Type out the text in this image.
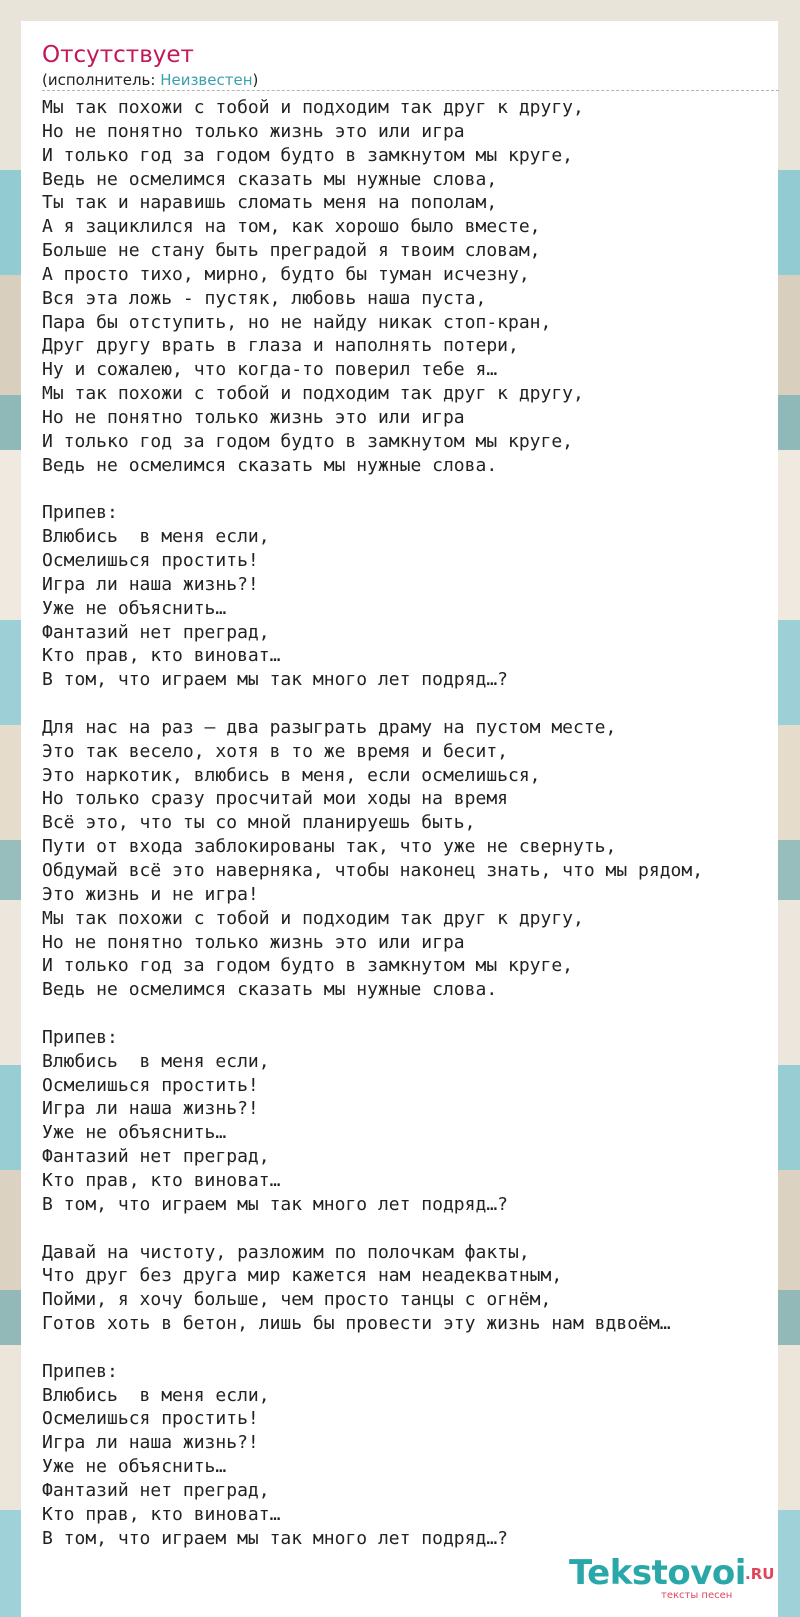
Отсутствует
(исполнитель: Неизвестен)
Мы так похожи с тобой и подходим так друг к другу,
Но не понятно только жизнь это или игра
И только год за годом будто в замкнутом мы круге,
Ведь не осмелимся сказать мы нужные слова,
Ты так и наравишь сломать меня на пополам,
А я зациклился на том, как хорошо было вместе,
Больше не стану быть преградой я твоим словам,
А просто тихо, мирно, будто бы туман исчезну,
Вся эта ложь - пустяк, любовь наша пуста,
Пара бы отступить, но не найду никак стоп-кран,
Друг другу врать в глаза и наполнять потери,
Ну и сожалею, что когда-то поверил тебе я…
Мы так похожи с тобой и подходим так друг к другу,
Но не понятно только жизнь это или игра
И только год за годом будто в замкнутом мы круге,
Ведь не осмелимся сказать мы нужные слова.

Припев:
Влюбись  в меня если,
Осмелишься простить!
Игра ли наша жизнь?!
Уже не объяснить…
Фантазий нет преград,
Кто прав, кто виноват…
В том, что играем мы так много лет подряд…?

Для нас на раз – два разыграть драму на пустом месте,
Это так весело, хотя в то же время и бесит,
Это наркотик, влюбись в меня, если осмелишься,
Но только сразу просчитай мои ходы на время
Всё это, что ты со мной планируешь быть,
Пути от входа заблокированы так, что уже не свернуть,
Обдумай всё это наверняка, чтобы наконец знать, что мы рядом,
Это жизнь и не игра!
Мы так похожи с тобой и подходим так друг к другу,
Но не понятно только жизнь это или игра
И только год за годом будто в замкнутом мы круге,
Ведь не осмелимся сказать мы нужные слова.

Припев:
Влюбись  в меня если,
Осмелишься простить!
Игра ли наша жизнь?!
Уже не объяснить…
Фантазий нет преград,
Кто прав, кто виноват…
В том, что играем мы так много лет подряд…?

Давай на чистоту, разложим по полочкам факты,
Что друг без друга мир кажется нам неадекватным,
Пойми, я хочу больше, чем просто танцы с огнём,
Готов хоть в бетон, лишь бы провести эту жизнь нам вдвоём…

Припев:
Влюбись  в меня если,
Осмелишься простить!
Игра ли наша жизнь?!
Уже не объяснить…
Фантазий нет преград,
Кто прав, кто виноват…
В том, что играем мы так много лет подряд…?
Tekstovoi .RU
тексты песен
